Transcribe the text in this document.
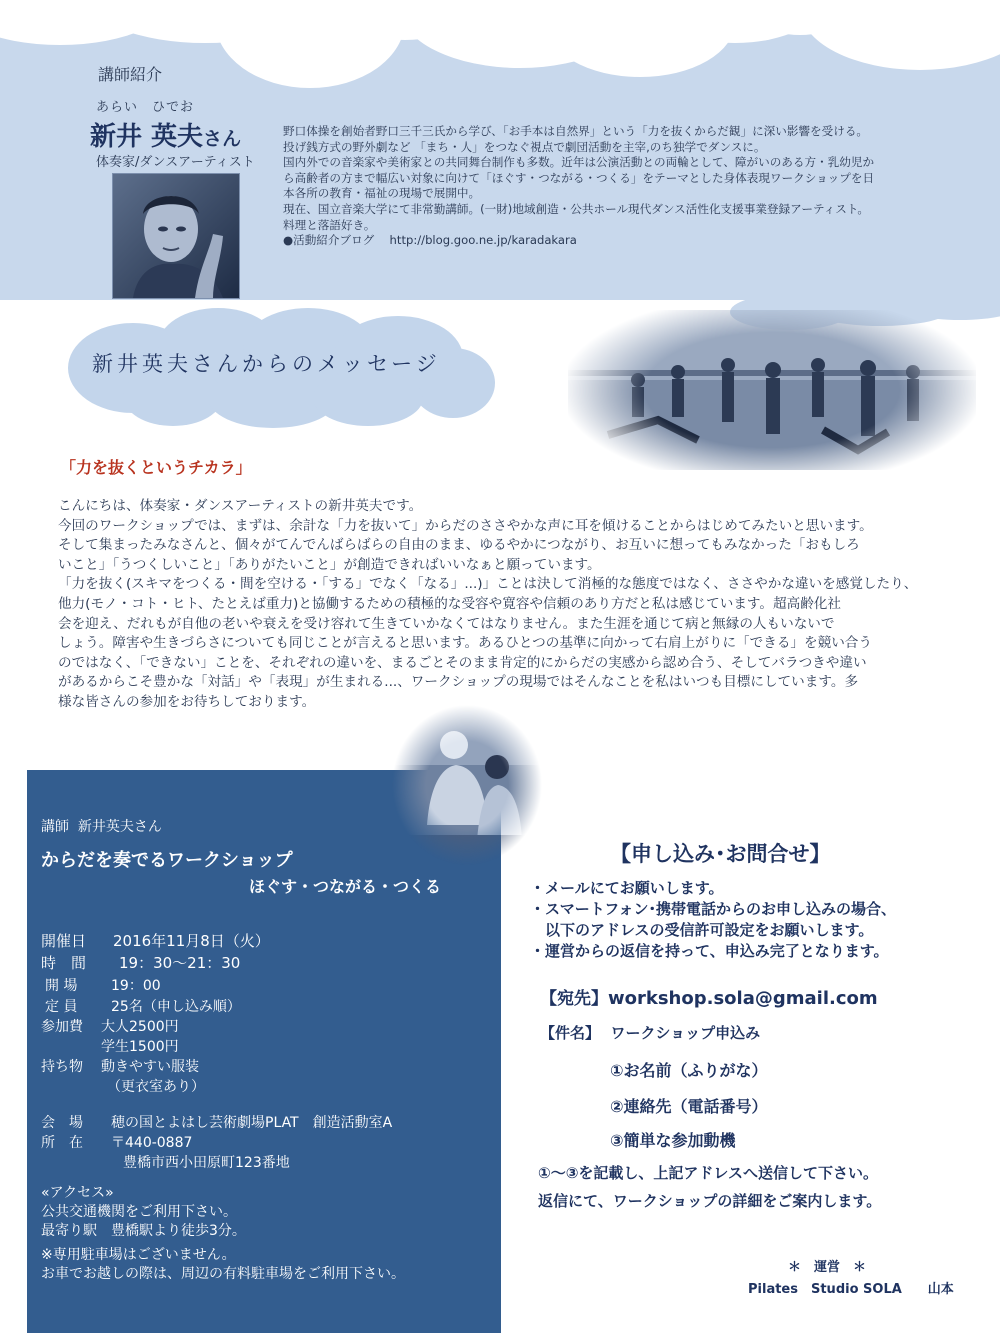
講師紹介
あらい　ひでお
新井 英夫さん
体奏家/ダンスアーティスト
野口体操を創始者野口三千三氏から学び、「お手本は自然界」という「力を抜くからだ観」に深い影響を受ける。
投げ銭方式の野外劇など 「まち・人」をつなぐ視点で劇団活動を主宰,のち独学でダンスに。
国内外での音楽家や美術家との共同舞台制作も多数。近年は公演活動との両輪として、障がいのある方・乳幼児か
ら高齢者の方まで幅広い対象に向けて「ほぐす・つながる・つくる」をテーマとした身体表現ワークショップを日
本各所の教育・福祉の現場で展開中。
現在、国立音楽大学にて非常勤講師。(一財)地域創造・公共ホール現代ダンス活性化支援事業登録アーティスト。
料理と落語好き。
●活動紹介ブログ　 http://blog.goo.ne.jp/karadakara
新井英夫さんからのメッセージ
「力を抜くというチカラ」
こんにちは、体奏家・ダンスアーティストの新井英夫です。
今回のワークショップでは、まずは、余計な「力を抜いて」からだのささやかな声に耳を傾けることからはじめてみたいと思います。
そして集まったみなさんと、個々がてんでんばらばらの自由のまま、ゆるやかにつながり、お互いに想ってもみなかった「おもしろ
いこと」「うつくしいこと」「ありがたいこと」が創造できればいいなぁと願っています。
「力を抜く(スキマをつくる・間を空ける・「する」でなく「なる」...)」ことは決して消極的な態度ではなく、ささやかな違いを感覚したり、
他力(モノ・コト・ヒト、たとえば重力)と協働するための積極的な受容や寛容や信頼のあり方だと私は感じています。超高齢化社
会を迎え、だれもが自他の老いや衰えを受け容れて生きていかなくてはなりません。また生涯を通じて病と無縁の人もいないで
しょう。障害や生きづらさについても同じことが言えると思います。あるひとつの基準に向かって右肩上がりに「できる」を競い合う
のではなく、「できない」ことを、それぞれの違いを、まるごとそのまま肯定的にからだの実感から認め合う、そしてバラつきや違い
があるからこそ豊かな「対話」や「表現」が生まれる...、ワークショップの現場ではそんなことを私はいつも目標にしています。多
様な皆さんの参加をお待ちしております。
講師 新井英夫さん
からだを奏でるワークショップ
ほぐす・つながる・つくる
開催日 2016年11月8日（火）
時　間 19：30～21：30
開 場 19：00
定 員 25名（申し込み順）
参加費 大人2500円
学生1500円
持ち物 動きやすい服装
（更衣室あり）
会　場 穂の国とよはし芸術劇場PLAT　創造活動室A
所　在 〒440-0887
豊橋市西小田原町123番地
«アクセス»
公共交通機関をご利用下さい。
最寄り駅　豊橋駅より徒歩3分。
※専用駐車場はございません。
お車でお越しの際は、周辺の有料駐車場をご利用下さい。
【申し込み･お問合せ】
・メールにてお願いします。
・スマートフォン･携帯電話からのお申し込みの場合、
　以下のアドレスの受信許可設定をお願いします。
・運営からの返信を持って、申込み完了となります。
【宛先】workshop.sola@gmail.com
【件名】 ワークショップ申込み
①お名前（ふりがな）
②連絡先（電話番号）
③簡単な参加動機
①～③を記載し、上記アドレスへ送信して下さい。
返信にて、ワークショップの詳細をご案内します。
＊　運営　＊
Pilates　Studio SOLA　　山本
